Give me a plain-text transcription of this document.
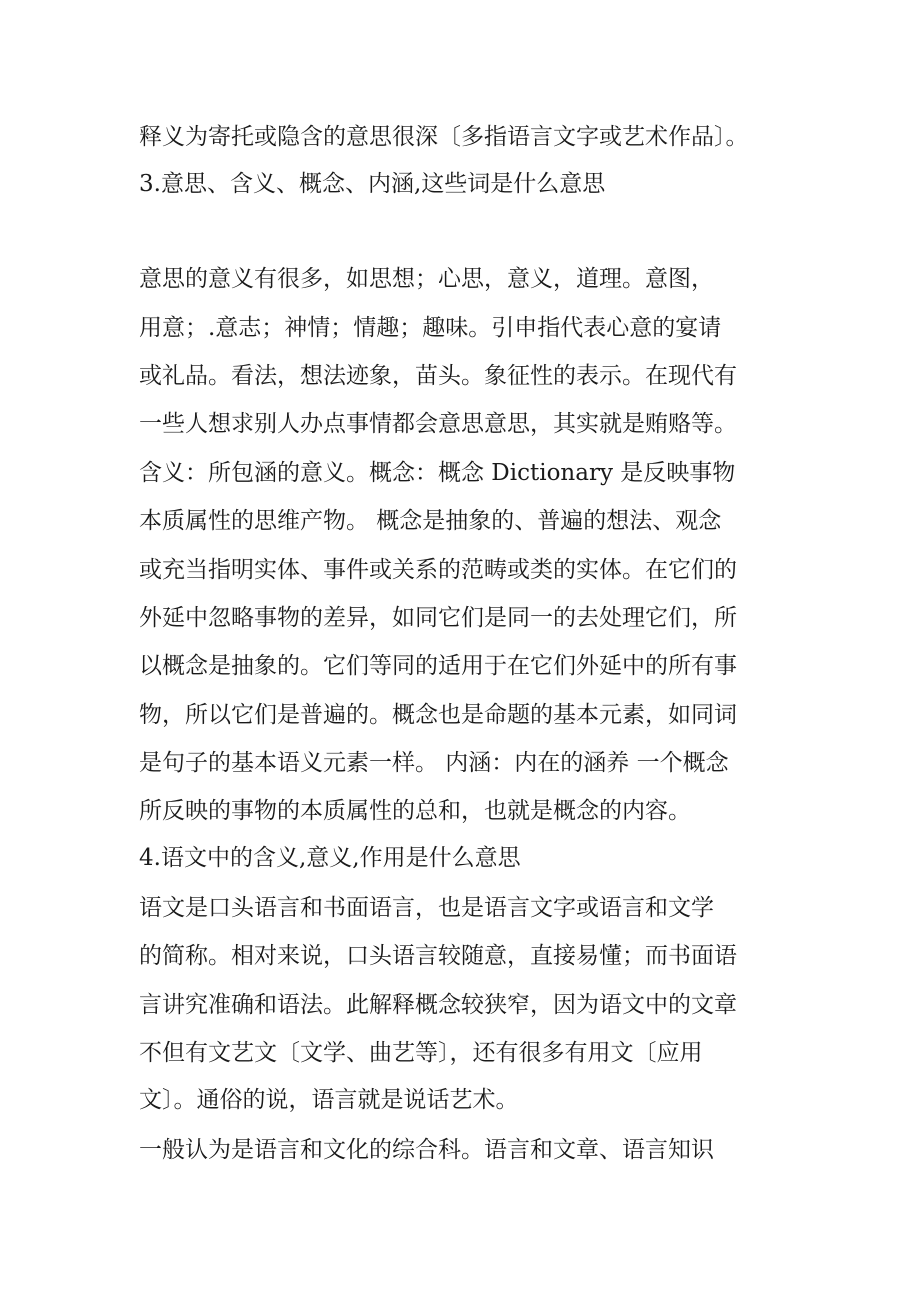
释义为寄托或隐含的意思很深〔多指语言文字或艺术作品〕。
3.意思、含义、概念、内涵,这些词是什么意思
意思的意义有很多，如思想；心思，意义，道理。意图，
用意；.意志；神情；情趣；趣味。引申指代表心意的宴请
或礼品。看法，想法迹象，苗头。象征性的表示。在现代有
一些人想求别人办点事情都会意思意思，其实就是贿赂等。
含义：所包涵的意义。概念：概念 Dictionary 是反映事物
本质属性的思维产物。 概念是抽象的、普遍的想法、观念
或充当指明实体、事件或关系的范畴或类的实体。在它们的
外延中忽略事物的差异，如同它们是同一的去处理它们，所
以概念是抽象的。它们等同的适用于在它们外延中的所有事
物，所以它们是普遍的。概念也是命题的基本元素，如同词
是句子的基本语义元素一样。 内涵：内在的涵养 一个概念
所反映的事物的本质属性的总和，也就是概念的内容。
4.语文中的含义,意义,作用是什么意思
语文是口头语言和书面语言，也是语言文字或语言和文学
的简称。相对来说，口头语言较随意，直接易懂；而书面语
言讲究准确和语法。此解释概念较狭窄，因为语文中的文章
不但有文艺文〔文学、曲艺等〕，还有很多有用文〔应用
文〕。通俗的说，语言就是说话艺术。
一般认为是语言和文化的综合科。语言和文章、语言知识
